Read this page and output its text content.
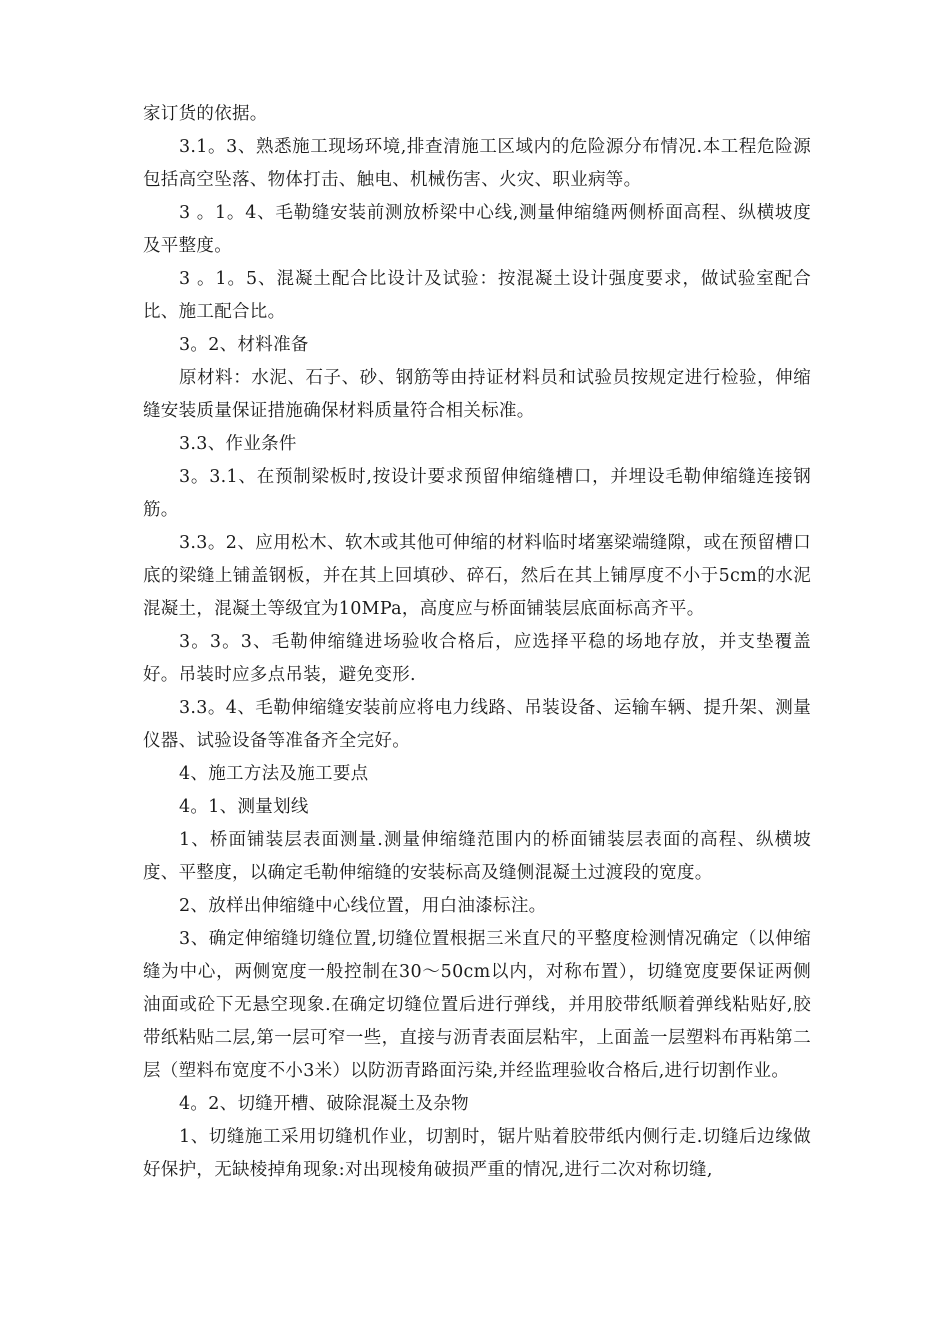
家订货的依据。

3.1。3、熟悉施工现场环境,排查清施工区域内的危险源分布情况.本工程危险源包括高空坠落、物体打击、触电、机械伤害、火灾、职业病等。

3 。1。4、毛勒缝安装前测放桥梁中心线,测量伸缩缝两侧桥面高程、纵横坡度及平整度。

3 。1。5、混凝土配合比设计及试验：按混凝土设计强度要求，做试验室配合比、施工配合比。

3。2、材料准备

原材料：水泥、石子、砂、钢筋等由持证材料员和试验员按规定进行检验，伸缩缝安装质量保证措施确保材料质量符合相关标准。

3.3、作业条件

3。3.1、在预制梁板时,按设计要求预留伸缩缝槽口，并埋设毛勒伸缩缝连接钢筋。

3.3。2、应用松木、软木或其他可伸缩的材料临时堵塞梁端缝隙，或在预留槽口底的梁缝上铺盖钢板，并在其上回填砂、碎石，然后在其上铺厚度不小于5cm的水泥混凝土，混凝土等级宜为10MPa，高度应与桥面铺装层底面标高齐平。

3。3。3、毛勒伸缩缝进场验收合格后，应选择平稳的场地存放，并支垫覆盖好。吊装时应多点吊装，避免变形.

3.3。4、毛勒伸缩缝安装前应将电力线路、吊装设备、运输车辆、提升架、测量仪器、试验设备等准备齐全完好。

4、施工方法及施工要点

4。1、测量划线

1、桥面铺装层表面测量.测量伸缩缝范围内的桥面铺装层表面的高程、纵横坡度、平整度，以确定毛勒伸缩缝的安装标高及缝侧混凝土过渡段的宽度。

2、放样出伸缩缝中心线位置，用白油漆标注。

3、确定伸缩缝切缝位置,切缝位置根据三米直尺的平整度检测情况确定（以伸缩缝为中心，两侧宽度一般控制在30～50cm以内，对称布置），切缝宽度要保证两侧油面或砼下无悬空现象.在确定切缝位置后进行弹线，并用胶带纸顺着弹线粘贴好,胶带纸粘贴二层,第一层可窄一些，直接与沥青表面层粘牢，上面盖一层塑料布再粘第二层（塑料布宽度不小3米）以防沥青路面污染,并经监理验收合格后,进行切割作业。

4。2、切缝开槽、破除混凝土及杂物

1、切缝施工采用切缝机作业，切割时，锯片贴着胶带纸内侧行走.切缝后边缘做好保护，无缺棱掉角现象:对出现棱角破损严重的情况,进行二次对称切缝,
